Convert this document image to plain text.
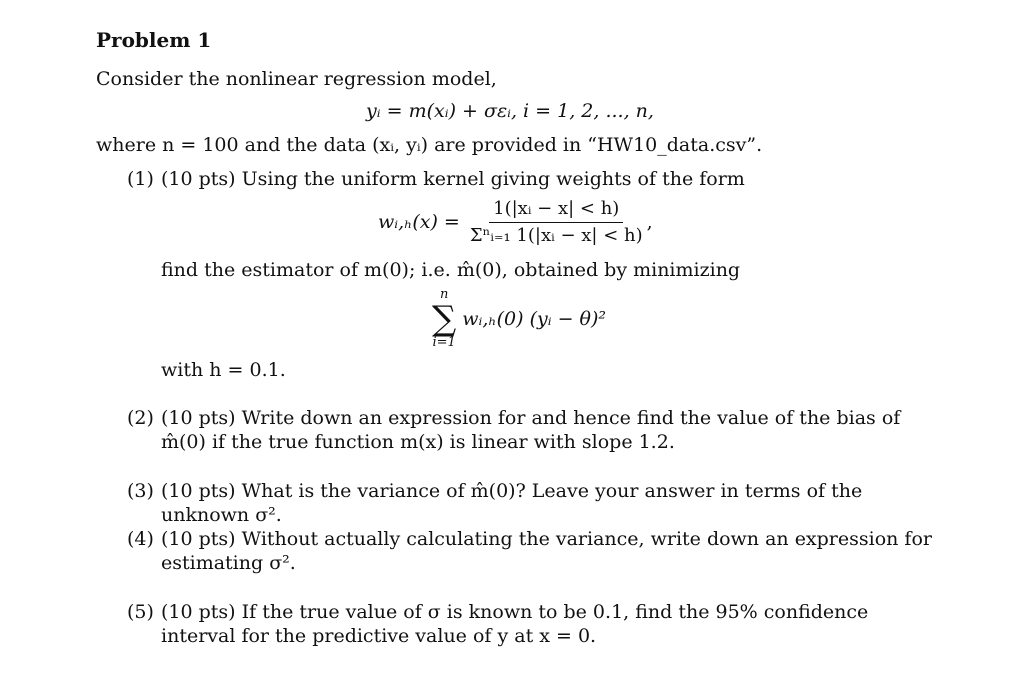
Problem 1
Consider the nonlinear regression model,
yᵢ = m(xᵢ) + σεᵢ, i = 1, 2, ..., n,
where n = 100 and the data (xᵢ, yᵢ) are provided in “HW10_data.csv”.
(1) (10 pts) Using the uniform kernel giving weights of the form
wᵢ,ₕ(x) = $\frac{\text{1(|xᵢ − x| < h)}}{\text{Σⁿᵢ₌₁ 1(|xᵢ − x| < h)}}$ ,
find the estimator of m(0); i.e. m̂(0), obtained by minimizing
n
∑
i=1
wᵢ,ₕ(0) (yᵢ − θ)²
with h = 0.1.
(2) (10 pts) Write down an expression for and hence find the value of the bias of m̂(0) if the true function m(x) is linear with slope 1.2.
(3) (10 pts) What is the variance of m̂(0)? Leave your answer in terms of the unknown σ².
(4) (10 pts) Without actually calculating the variance, write down an expression for estimating σ².
(5) (10 pts) If the true value of σ is known to be 0.1, find the 95% confidence interval for the predictive value of y at x = 0.
